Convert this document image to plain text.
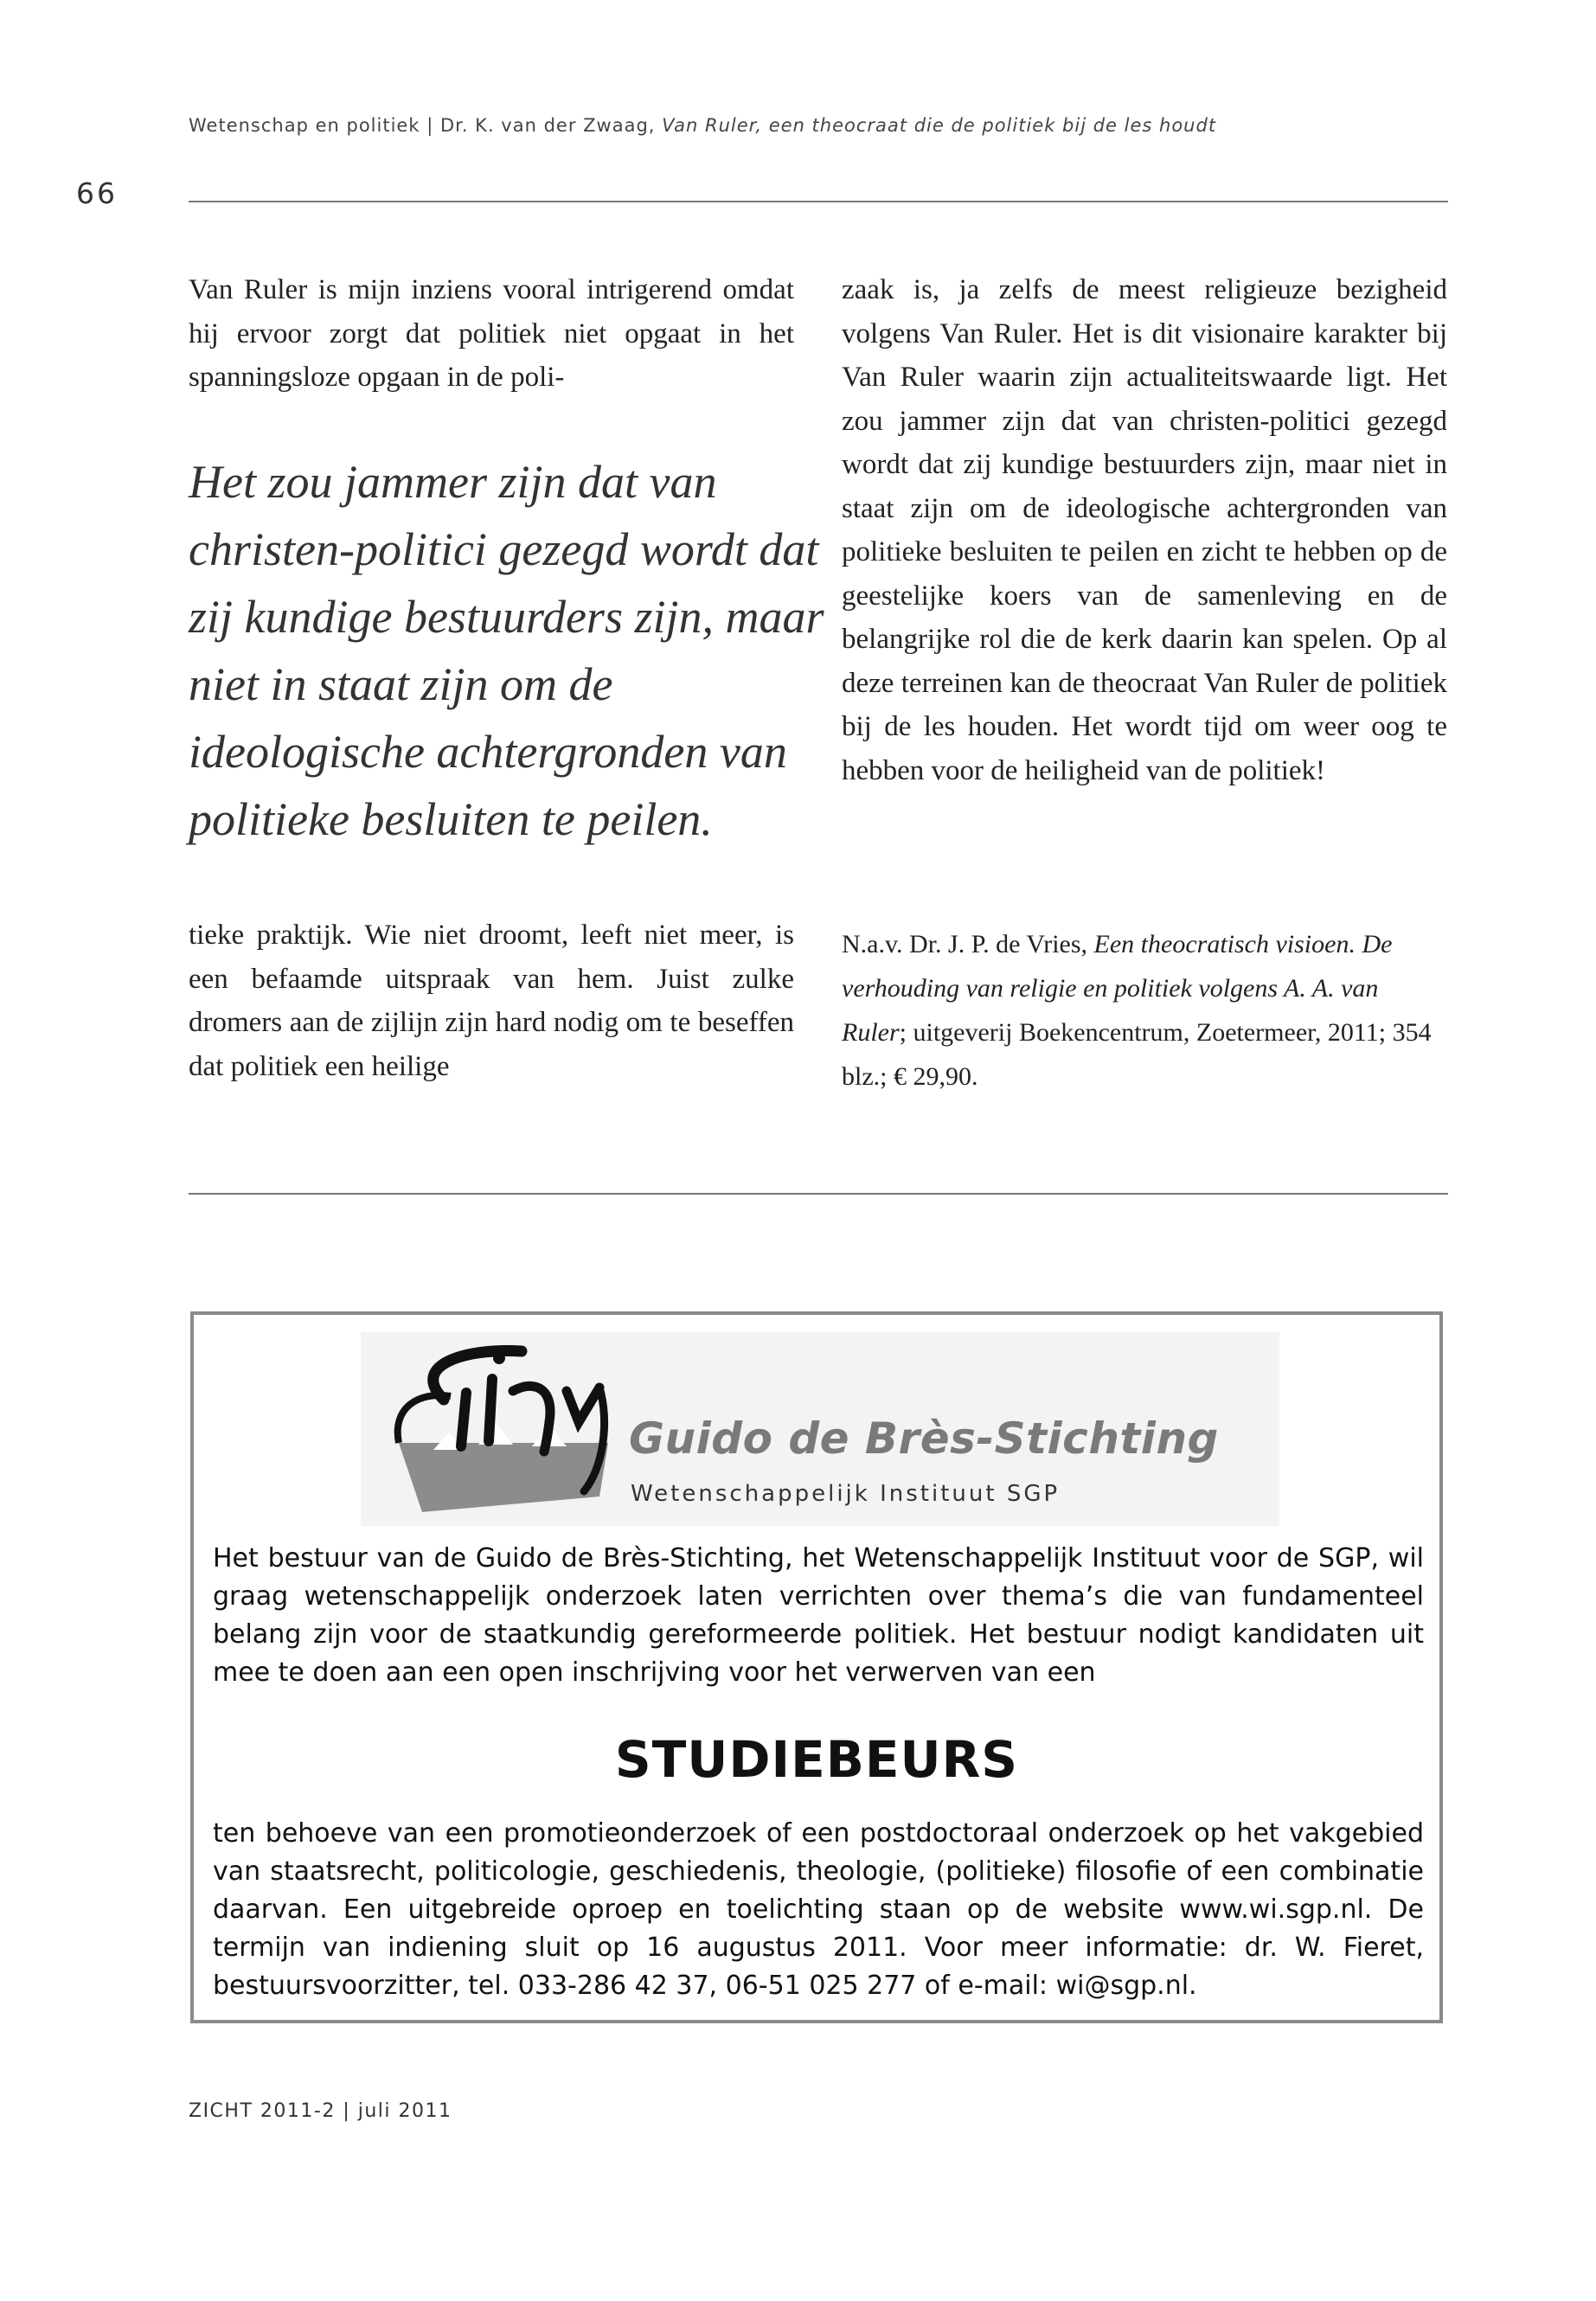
Wetenschap en politiek | Dr. K. van der Zwaag, Van Ruler, een theocraat die de politiek bij de les houdt
66

Van Ruler is mijn inziens vooral intrigerend omdat hij ervoor zorgt dat politiek niet opgaat in het spanningsloze opgaan in de poli-

Het zou jammer zijn dat van christen-politici gezegd wordt dat zij kundige bestuurders zijn, maar niet in staat zijn om de ideologische achtergronden van politieke besluiten te peilen.

tieke praktijk. Wie niet droomt, leeft niet meer, is een befaamde uitspraak van hem. Juist zulke dromers aan de zijlijn zijn hard nodig om te beseffen dat politiek een heilige

zaak is, ja zelfs de meest religieuze bezigheid volgens Van Ruler. Het is dit visionaire karakter bij Van Ruler waarin zijn actualiteitswaarde ligt. Het zou jammer zijn dat van christen-politici gezegd wordt dat zij kundige bestuurders zijn, maar niet in staat zijn om de ideologische achtergronden van politieke besluiten te peilen en zicht te hebben op de geestelijke koers van de samenleving en de belangrijke rol die de kerk daarin kan spelen. Op al deze terreinen kan de theocraat Van Ruler de politiek bij de les houden. Het wordt tijd om weer oog te hebben voor de heiligheid van de politiek!

N.a.v. Dr. J. P. de Vries, Een theocratisch visioen. De verhouding van religie en politiek volgens A. A. van Ruler; uitgeverij Boekencentrum, Zoetermeer, 2011; 354 blz.; € 29,90.
Guido de Brès-Stichting
Wetenschappelijk Instituut SGP
Het bestuur van de Guido de Brès-Stichting, het Wetenschappelijk Instituut voor de SGP, wil graag wetenschappelijk onderzoek laten verrichten over thema’s die van fundamenteel belang zijn voor de staatkundig gereformeerde politiek. Het bestuur nodigt kandidaten uit mee te doen aan een open inschrijving voor het verwerven van een
STUDIEBEURS
ten behoeve van een promotieonderzoek of een postdoctoraal onderzoek op het vakgebied van staatsrecht, politicologie, geschiedenis, theologie, (politieke) filosofie of een combinatie daarvan. Een uitgebreide oproep en toelichting staan op de website www.wi.sgp.nl. De termijn van indiening sluit op 16 augustus 2011. Voor meer informatie: dr. W. Fieret, bestuursvoorzitter, tel. 033-286 42 37, 06-51 025 277 of e-mail: wi@sgp.nl.
ZICHT 2011-2 | juli 2011
